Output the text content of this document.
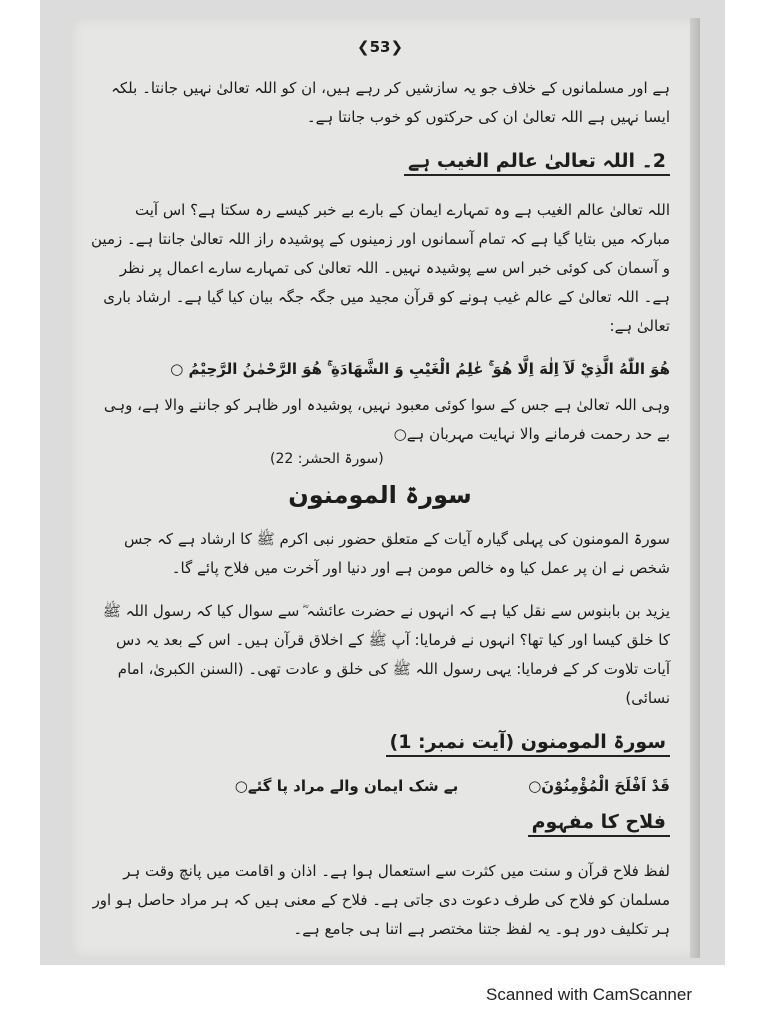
❮53❯

ہے اور مسلمانوں کے خلاف جو یہ سازشیں کر رہے ہیں، ان کو اللہ تعالیٰ نہیں جانتا۔ بلکہ ایسا نہیں ہے اللہ تعالیٰ ان کی حرکتوں کو خوب جانتا ہے۔

2۔ اللہ تعالیٰ عالم الغیب ہے

اللہ تعالیٰ عالم الغیب ہے وہ تمہارے ایمان کے بارے بے خبر کیسے رہ سکتا ہے؟ اس آیت مبارکہ میں بتایا گیا ہے کہ تمام آسمانوں اور زمینوں کے پوشیدہ راز اللہ تعالیٰ جانتا ہے۔ زمین و آسمان کی کوئی خبر اس سے پوشیدہ نہیں۔ اللہ تعالیٰ کی تمہارے سارے اعمال پر نظر ہے۔ اللہ تعالیٰ کے عالم غیب ہونے کو قرآن مجید میں جگہ جگہ بیان کیا گیا ہے۔ ارشاد باری تعالیٰ ہے:

هُوَ اللّٰهُ الَّذِيْ لَآ اِلٰهَ اِلَّا هُوَ ۚ عٰلِمُ الْغَيْبِ وَ الشَّهَادَةِ ۚ هُوَ الرَّحْمٰنُ الرَّحِيْمُ ○

وہی اللہ تعالیٰ ہے جس کے سوا کوئی معبود نہیں، پوشیدہ اور ظاہر کو جاننے والا ہے، وہی بے حد رحمت فرمانے والا نہایت مہربان ہے○

(سورۃ الحشر: 22)
سورۃ المومنون

سورۃ المومنون کی پہلی گیارہ آیات کے متعلق حضور نبی اکرم ﷺ کا ارشاد ہے کہ جس شخص نے ان پر عمل کیا وہ خالص مومن ہے اور دنیا اور آخرت میں فلاح پائے گا۔

یزید بن بابنوس سے نقل کیا ہے کہ انہوں نے حضرت عائشہ ؓ سے سوال کیا کہ رسول اللہ ﷺ کا خلق کیسا اور کیا تھا؟ انہوں نے فرمایا: آپ ﷺ کے اخلاق قرآن ہیں۔ اس کے بعد یہ دس آیات تلاوت کر کے فرمایا: یہی رسول اللہ ﷺ کی خلق و عادت تھی۔ (السنن الکبریٰ، امام نسائی)

سورۃ المومنون (آیت نمبر: 1)
قَدْ اَفْلَحَ الْمُؤْمِنُوْنَ○
بے شک ایمان والے مراد پا گئے○
فلاح کا مفہوم

لفظ فلاح قرآن و سنت میں کثرت سے استعمال ہوا ہے۔ اذان و اقامت میں پانچ وقت ہر مسلمان کو فلاح کی طرف دعوت دی جاتی ہے۔ فلاح کے معنی ہیں کہ ہر مراد حاصل ہو اور ہر تکلیف دور ہو۔ یہ لفظ جتنا مختصر ہے اتنا ہی جامع ہے۔

Scanned with CamScanner
